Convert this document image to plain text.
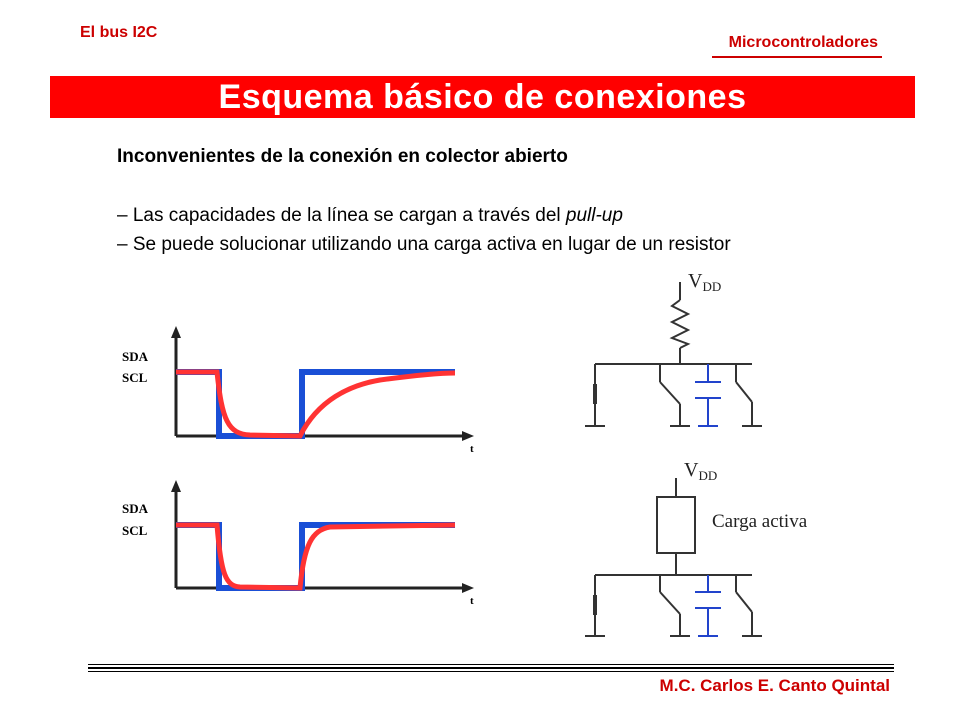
El bus I2C
Microcontroladores
Esquema básico de conexiones
Inconvenientes de la conexión en colector abierto
– Las capacidades de la línea se cargan a través del pull-up
– Se puede solucionar utilizando una carga activa en lugar de un resistor
SDA
SCL
t
SDA
SCL
t
$V_{DD}$
$V_{DD}$
Carga activa
M.C. Carlos E. Canto Quintal
